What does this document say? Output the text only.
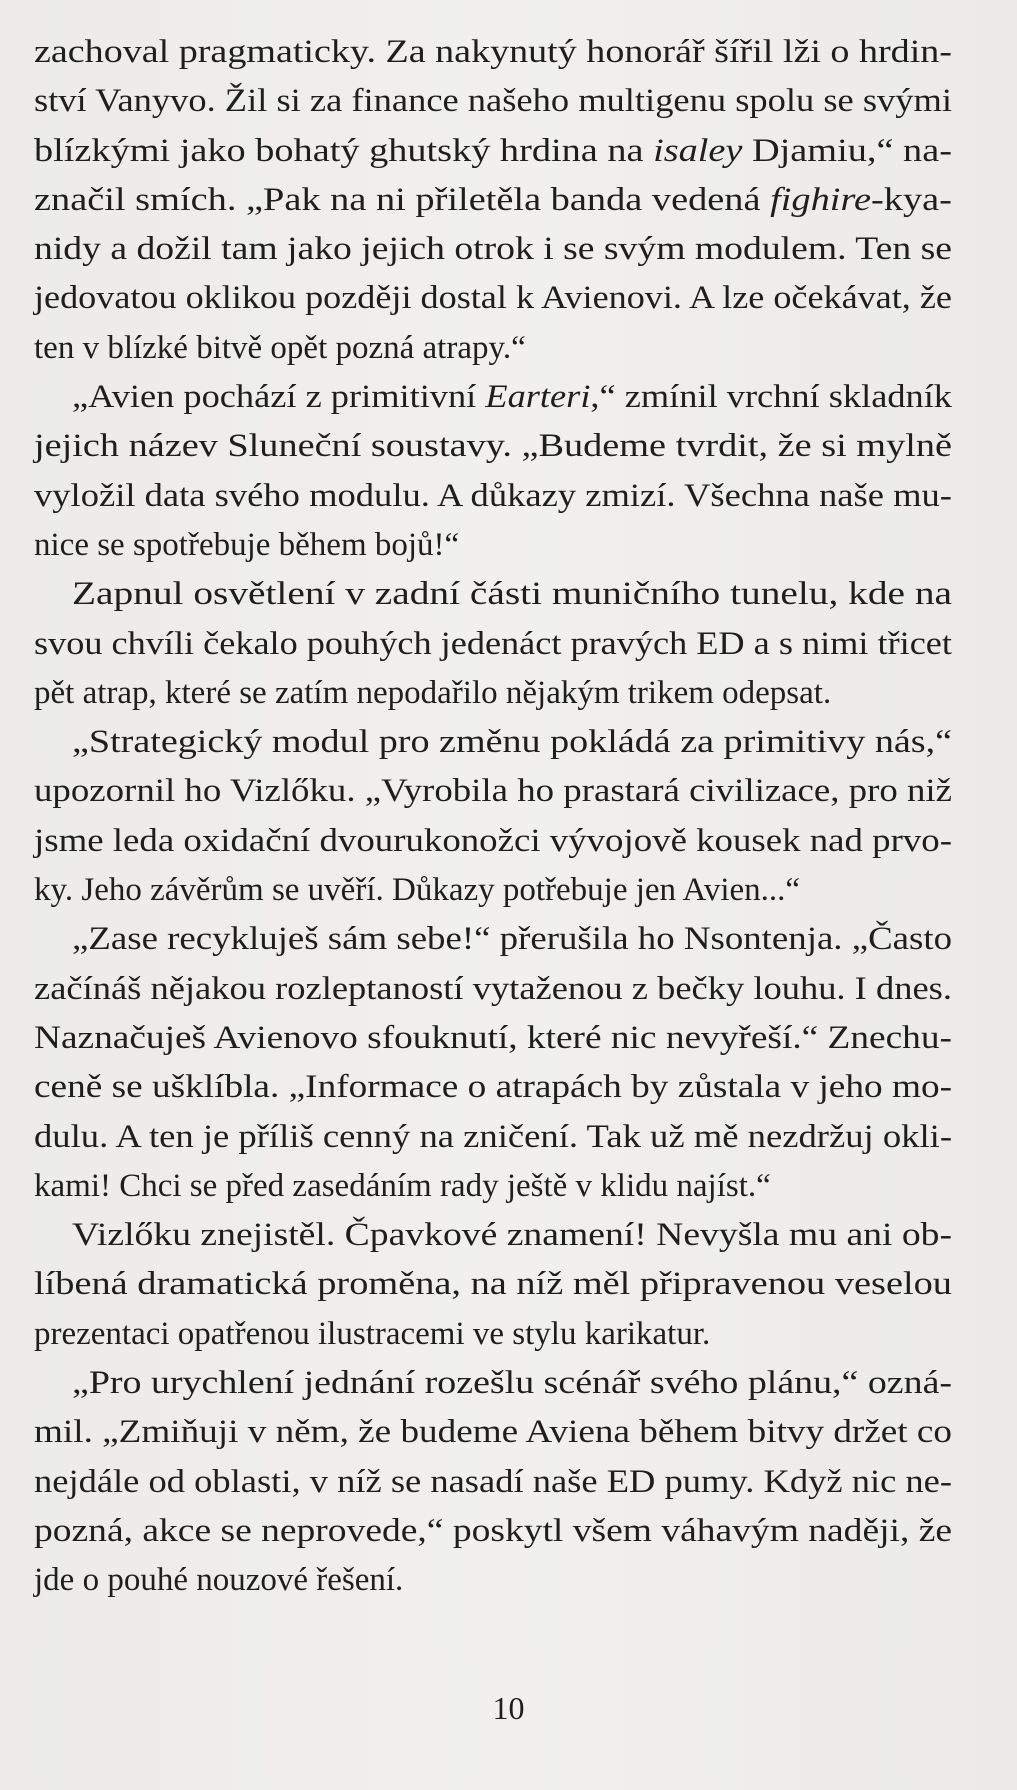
zachoval pragmaticky. Za nakynutý honorář šířil lži o hrdin-
ství Vanyvo. Žil si za finance našeho multigenu spolu se svými
blízkými jako bohatý ghutský hrdina na isaley Djamiu,“ na-
značil smích. „Pak na ni přiletěla banda vedená fighire-kya-
nidy a dožil tam jako jejich otrok i se svým modulem. Ten se
jedovatou oklikou později dostal k Avienovi. A lze očekávat, že
ten v blízké bitvě opět pozná atrapy.“
„Avien pochází z primitivní Earteri,“ zmínil vrchní skladník
jejich název Sluneční soustavy. „Budeme tvrdit, že si mylně
vyložil data svého modulu. A důkazy zmizí. Všechna naše mu-
nice se spotřebuje během bojů!“
Zapnul osvětlení v zadní části muničního tunelu, kde na
svou chvíli čekalo pouhých jedenáct pravých ED a s nimi třicet
pět atrap, které se zatím nepodařilo nějakým trikem odepsat.
„Strategický modul pro změnu pokládá za primitivy nás,“
upozornil ho Vizlőku. „Vyrobila ho prastará civilizace, pro niž
jsme leda oxidační dvourukonožci vývojově kousek nad prvo-
ky. Jeho závěrům se uvěří. Důkazy potřebuje jen Avien...“
„Zase recykluješ sám sebe!“ přerušila ho Nsontenja. „Často
začínáš nějakou rozleptaností vytaženou z bečky louhu. I dnes.
Naznačuješ Avienovo sfouknutí, které nic nevyřeší.“ Znechu-
ceně se ušklíbla. „Informace o atrapách by zůstala v jeho mo-
dulu. A ten je příliš cenný na zničení. Tak už mě nezdržuj okli-
kami! Chci se před zasedáním rady ještě v klidu najíst.“
Vizlőku znejistěl. Čpavkové znamení! Nevyšla mu ani ob-
líbená dramatická proměna, na níž měl připravenou veselou
prezentaci opatřenou ilustracemi ve stylu karikatur.
„Pro urychlení jednání rozešlu scénář svého plánu,“ ozná-
mil. „Zmiňuji v něm, že budeme Aviena během bitvy držet co
nejdále od oblasti, v níž se nasadí naše ED pumy. Když nic ne-
pozná, akce se neprovede,“ poskytl všem váhavým naději, že
jde o pouhé nouzové řešení.
10
